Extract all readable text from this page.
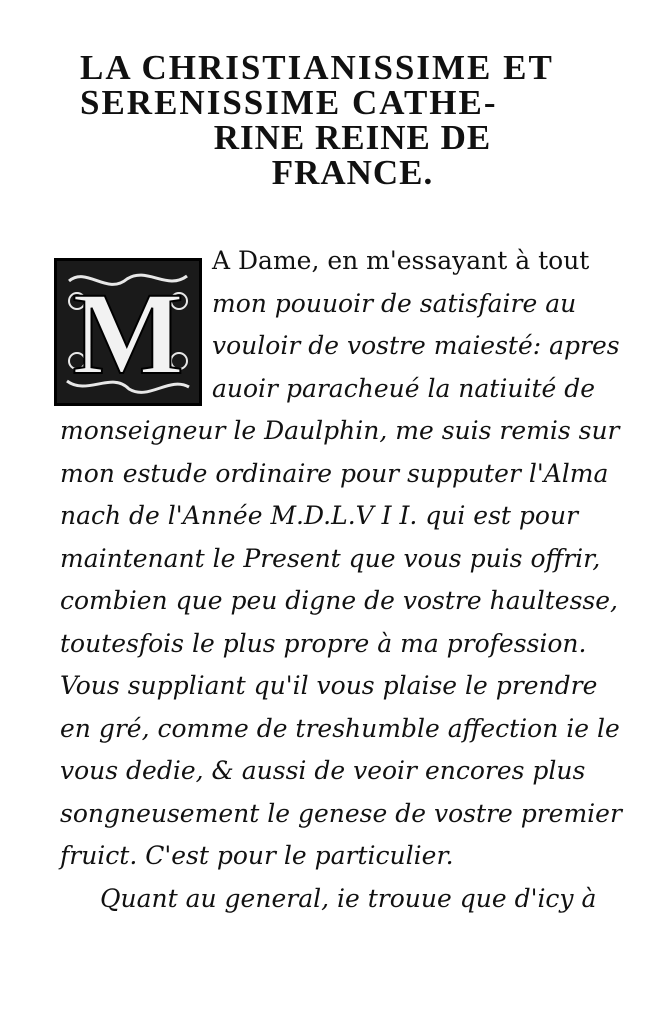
LA CHRISTIANISSIME ET
SERENISSIME CATHE-
RINE REINE DE
FRANCE.
M
A Dame, en m'essayant à tout
mon pouuoir de satisfaire au
vouloir de vostre maiesté: apres
auoir paracheué la natiuité de
monseigneur le Daulphin, me suis remis sur
mon estude ordinaire pour supputer l'Alma
nach de l'Année M.D.L.V I I. qui est pour
maintenant le Present que vous puis offrir,
combien que peu digne de vostre haultesse,
toutesfois le plus propre à ma profession.
Vous suppliant qu'il vous plaise le prendre
en gré, comme de treshumble affection ie le
vous dedie, & aussi de veoir encores plus
songneusement le genese de vostre premier
fruict. C'est pour le particulier.
Quant au general, ie trouue que d'icy à
